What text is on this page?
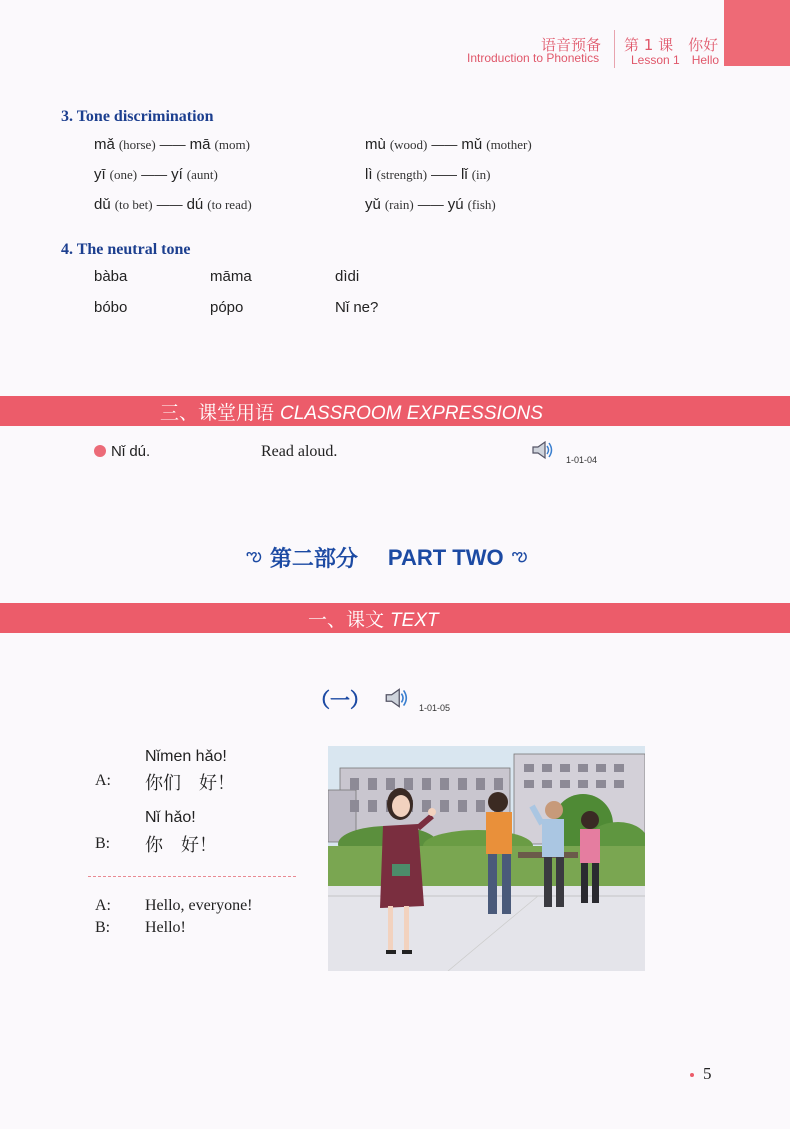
语音预备
Introduction to Phonetics
第 1 课　你好
Lesson 1　Hello
3. Tone discrimination
mǎ (horse) —— mā (mom)	mù (wood) —— mǔ (mother)
yī (one) —— yí (aunt)	lì (strength) —— lǐ (in)
dǔ (to bet) —— dú (to read)	yǔ (rain) —— yú (fish)
4. The neutral tone
bàba	māma	dìdi
bóbo	pópo	Nǐ ne?
三、课堂用语 CLASSROOM EXPRESSIONS
Nǐ dú.	Read aloud.	1-01-04
ఌ 第二部分 PART TWO ఌ
一、课文 TEXT
（一）	1-01-05
Nǐmen hǎo!
A: 你们　好！
Nǐ hǎo!
B: 你　好！
A: Hello, everyone!
B: Hello!
5
